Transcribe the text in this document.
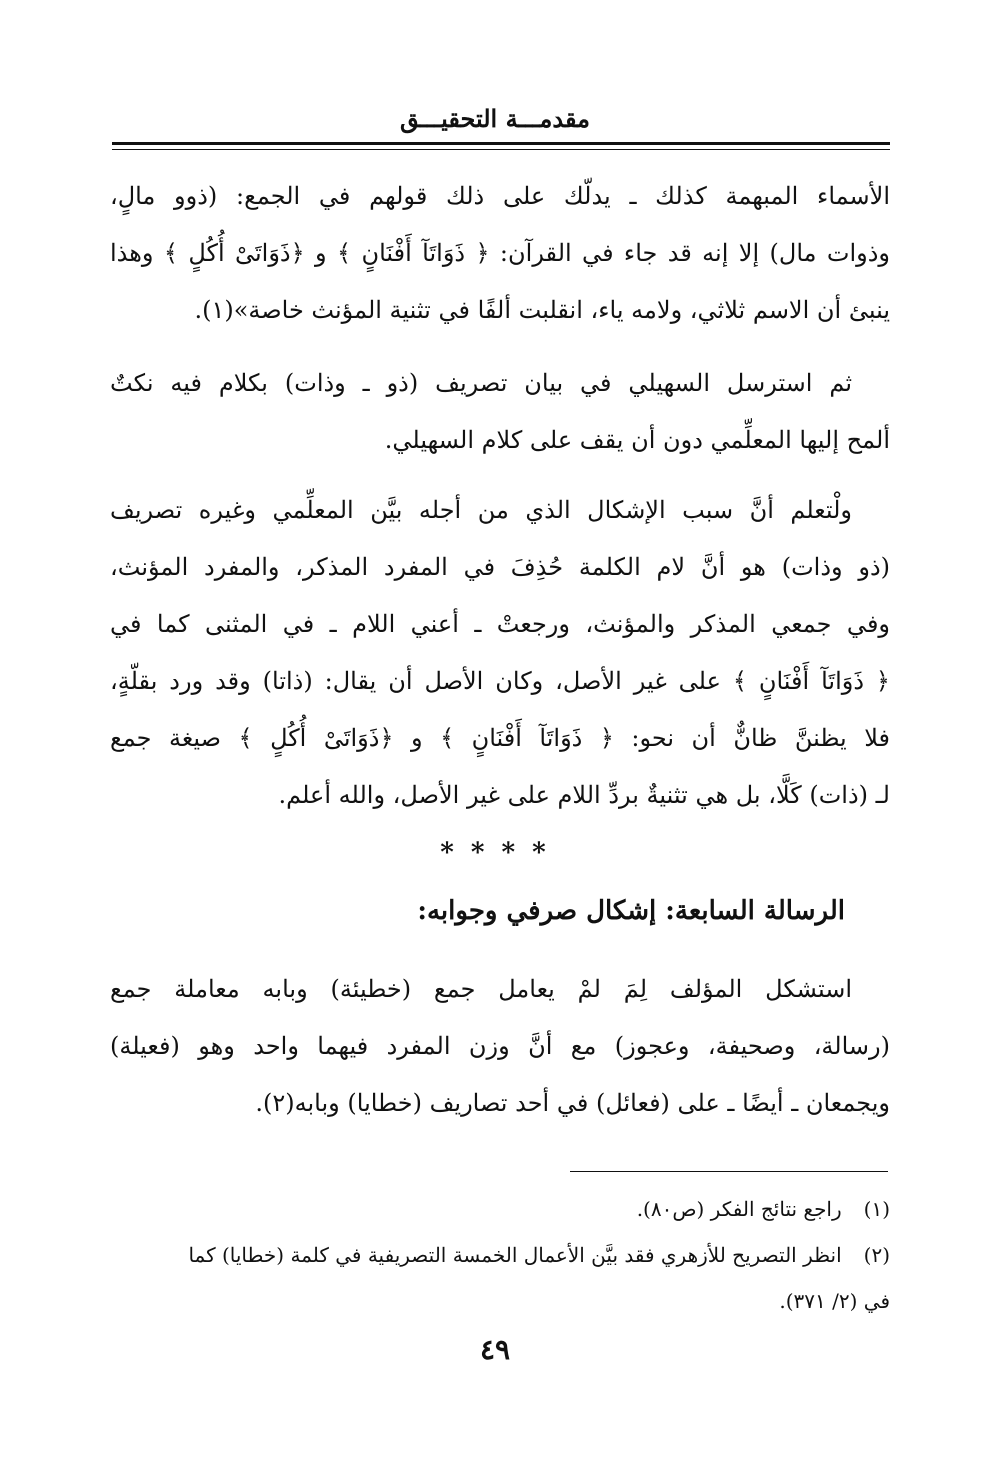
مقدمـــة التحقيـــق
الأسماء المبهمة كذلك ـ يدلّك على ذلك قولهم في الجمع: (ذوو مالٍ،
وذوات مال) إلا إنه قد جاء في القرآن: ﴿ ذَوَاتَآ أَفْنَانٍ ﴾ و ﴿ذَوَاتَىْ أُكُلٍ ﴾ وهذا
ينبئ أن الاسم ثلاثي، ولامه ياء، انقلبت ألفًا في تثنية المؤنث خاصة»(١).
ثم استرسل السهيلي في بيان تصريف (ذو ـ وذات) بكلام فيه نكتٌ
ألمح إليها المعلِّمي دون أن يقف على كلام السهيلي.
ولْتعلم أنَّ سبب الإشكال الذي من أجله بيَّن المعلِّمي وغيره تصريف
(ذو وذات) هو أنَّ لام الكلمة حُذِفَ في المفرد المذكر، والمفرد المؤنث،
وفي جمعي المذكر والمؤنث، ورجعتْ ـ أعني اللام ـ في المثنى كما في
﴿ ذَوَاتَآ أَفْنَانٍ ﴾ على غير الأصل، وكان الأصل أن يقال: (ذاتا) وقد ورد بقلّةٍ،
فلا يظننَّ ظانٌّ أن نحو: ﴿ ذَوَاتَآ أَفْنَانٍ ﴾ و ﴿ذَوَاتَىْ أُكُلٍ ﴾ صيغة جمع
لـ (ذات) كَلَّا، بل هي تثنيةٌ بردِّ اللام على غير الأصل، والله أعلم.
* * * *
الرسالة السابعة: إشكال صرفي وجوابه:
استشكل المؤلف لِمَ لمْ يعامل جمع (خطيئة) وبابه معاملة جمع
(رسالة، وصحيفة، وعجوز) مع أنَّ وزن المفرد فيهما واحد وهو (فعيلة)
ويجمعان ـ أيضًا ـ على (فعائل) في أحد تصاريف (خطايا) وبابه(٢).
(١) راجع نتائج الفكر (ص٨٠).
(٢) انظر التصريح للأزهري فقد بيَّن الأعمال الخمسة التصريفية في كلمة (خطايا) كما
في (٢/ ٣٧١).
٤٩
